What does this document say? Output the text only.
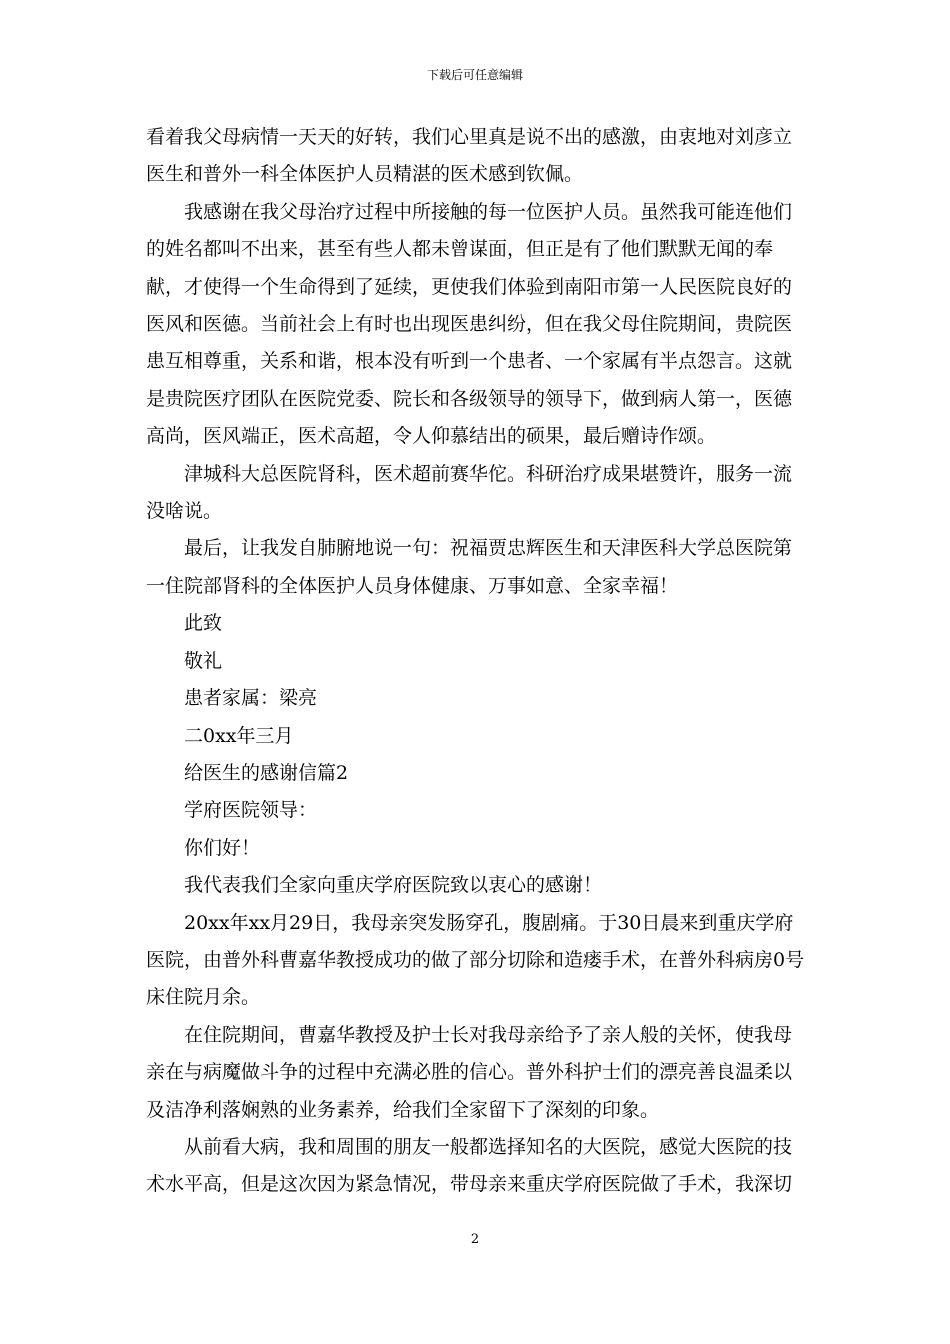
下载后可任意编辑

看着我父母病情一天天的好转，我们心里真是说不出的感激，由衷地对刘彦立医生和普外一科全体医护人员精湛的医术感到钦佩。

我感谢在我父母治疗过程中所接触的每一位医护人员。虽然我可能连他们的姓名都叫不出来，甚至有些人都未曾谋面，但正是有了他们默默无闻的奉献，才使得一个生命得到了延续，更使我们体验到南阳市第一人民医院良好的医风和医德。当前社会上有时也出现医患纠纷，但在我父母住院期间，贵院医患互相尊重，关系和谐，根本没有听到一个患者、一个家属有半点怨言。这就是贵院医疗团队在医院党委、院长和各级领导的领导下，做到病人第一，医德高尚，医风端正，医术高超，令人仰慕结出的硕果，最后赠诗作颂。

津城科大总医院肾科，医术超前赛华佗。科研治疗成果堪赞许，服务一流没啥说。

最后，让我发自肺腑地说一句：祝福贾忠辉医生和天津医科大学总医院第一住院部肾科的全体医护人员身体健康、万事如意、全家幸福！

此致

敬礼

患者家属：梁亮

二0xx年三月

给医生的感谢信篇2

学府医院领导：

你们好！

我代表我们全家向重庆学府医院致以衷心的感谢！

20xx年xx月29日，我母亲突发肠穿孔，腹剧痛。于30日晨来到重庆学府医院，由普外科曹嘉华教授成功的做了部分切除和造瘘手术，在普外科病房0号床住院月余。

在住院期间，曹嘉华教授及护士长对我母亲给予了亲人般的关怀，使我母亲在与病魔做斗争的过程中充满必胜的信心。普外科护士们的漂亮善良温柔以及洁净利落娴熟的业务素养，给我们全家留下了深刻的印象。

从前看大病，我和周围的朋友一般都选择知名的大医院，感觉大医院的技术水平高，但是这次因为紧急情况，带母亲来重庆学府医院做了手术，我深切

2
